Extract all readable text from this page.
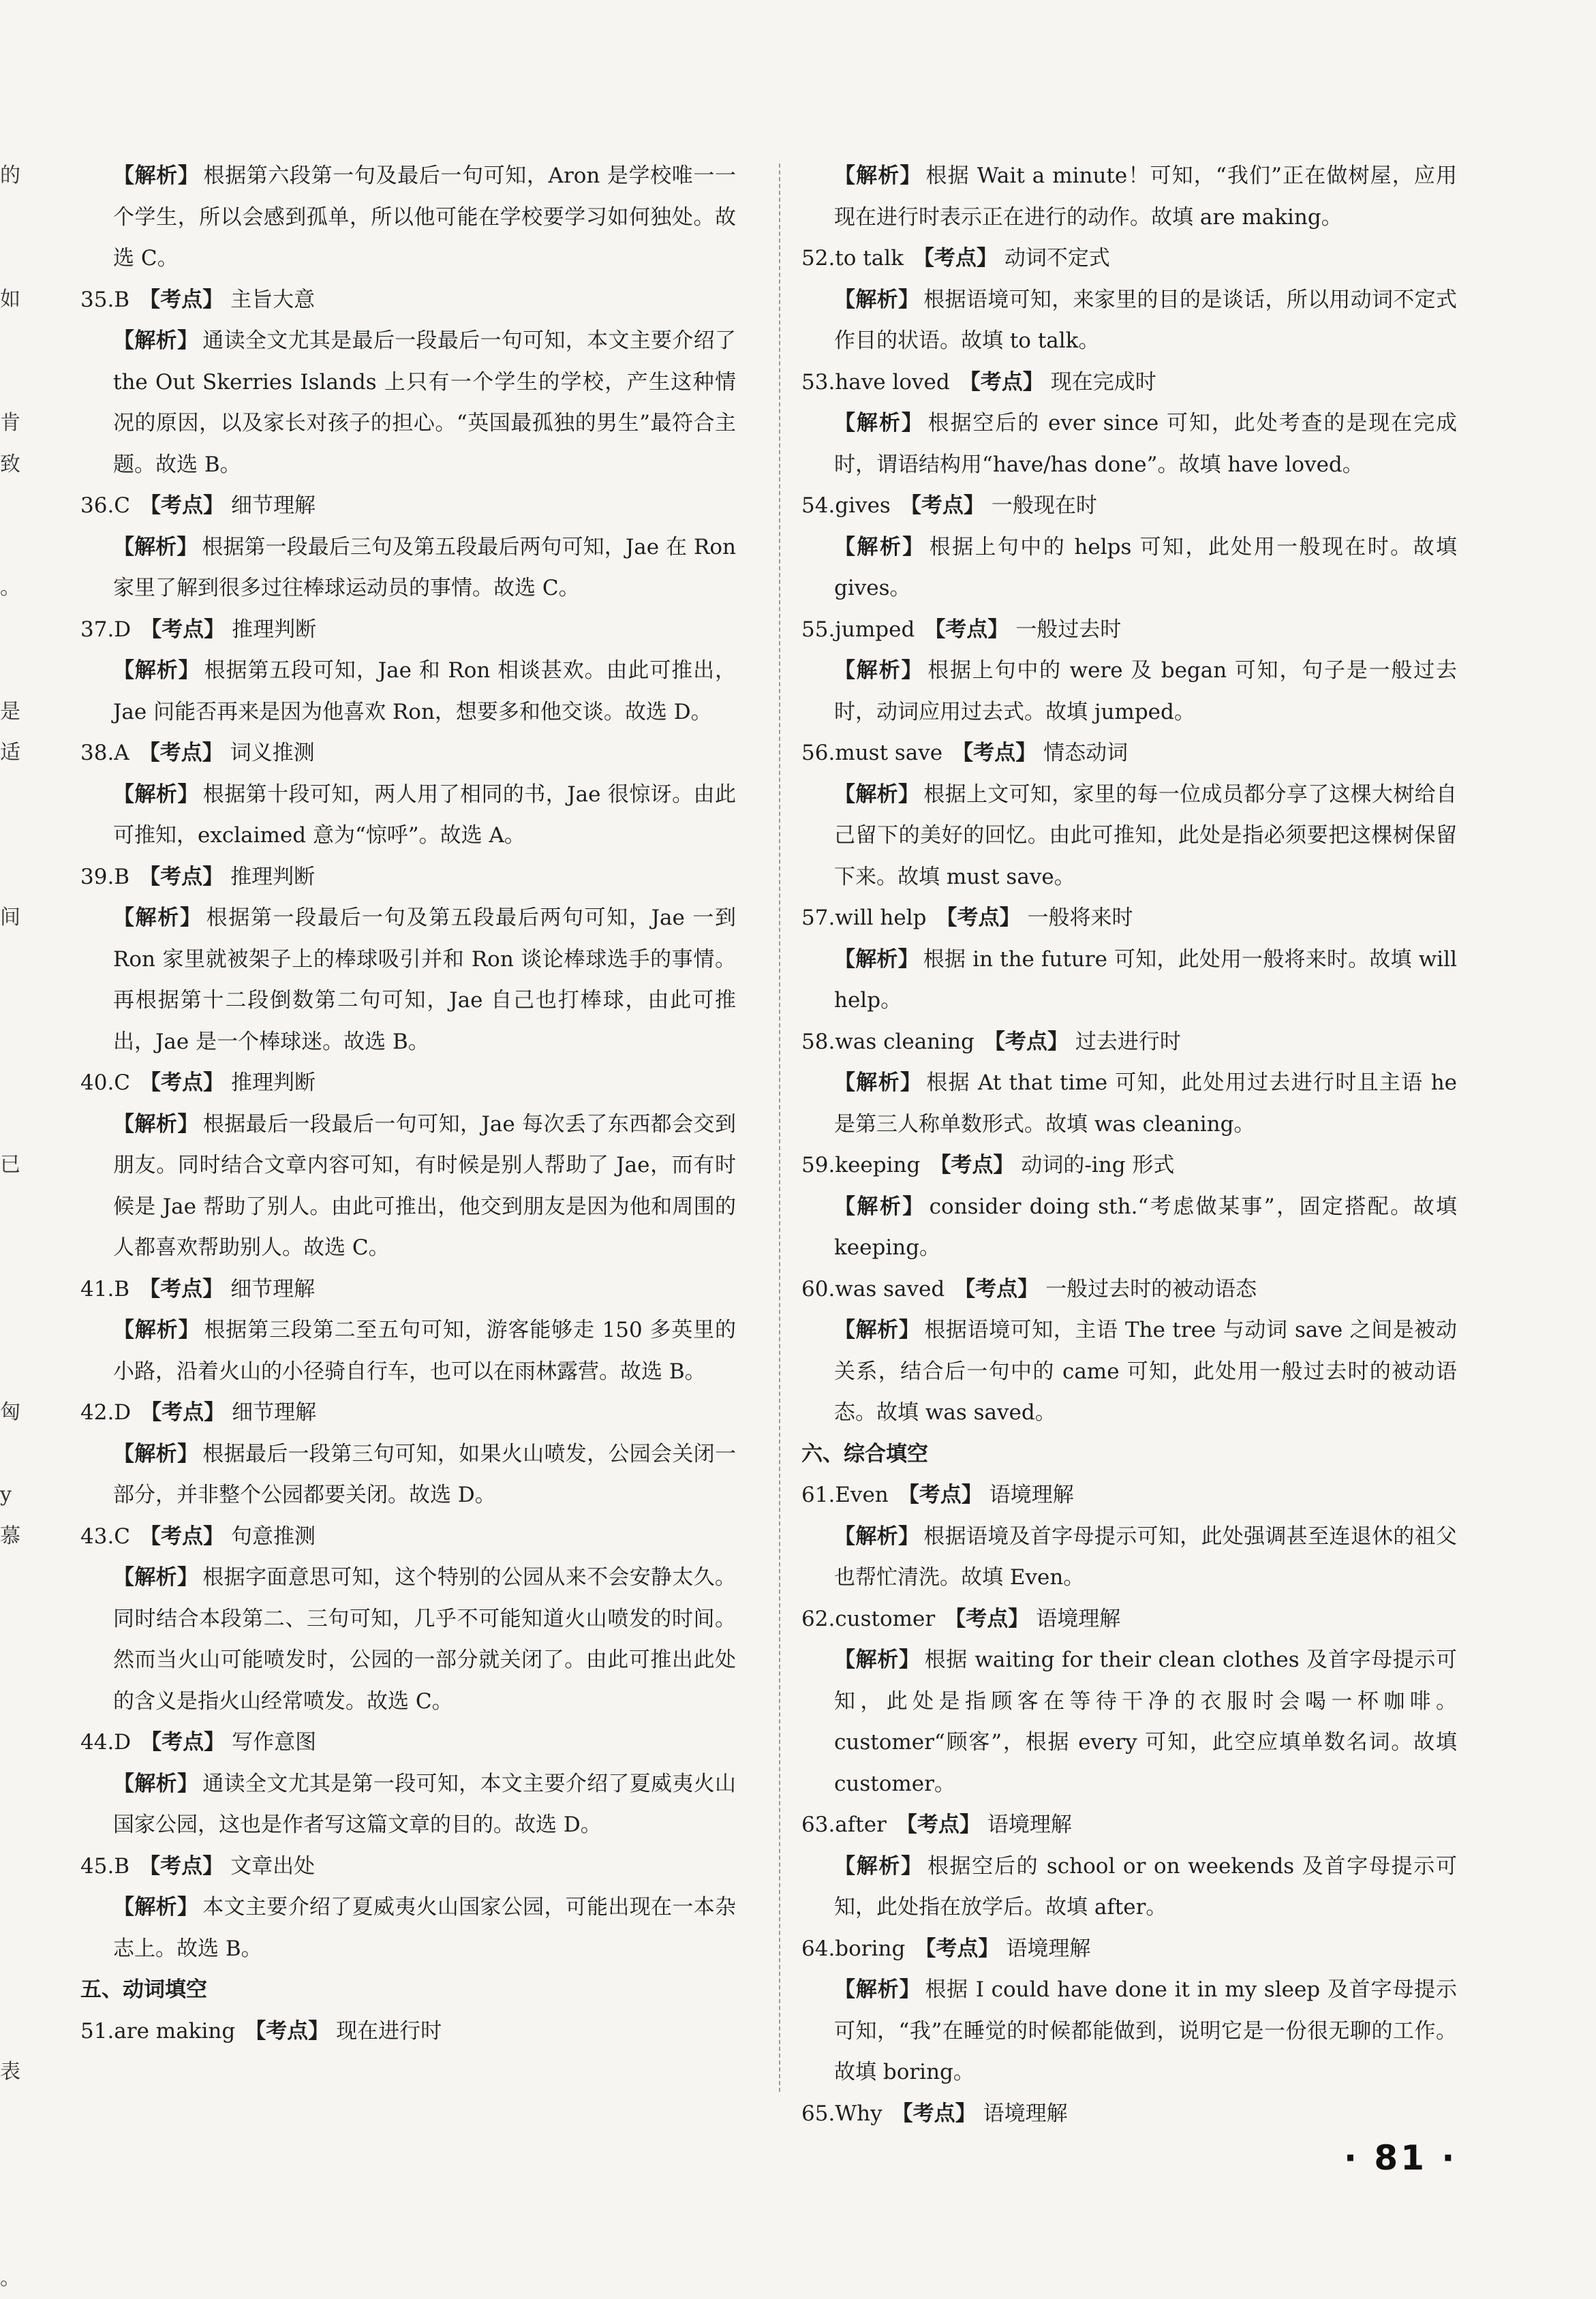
的
如
肯
致
。
是
适
间
已
匈
y
慕
表
。
【解析】 根据第六段第一句及最后一句可知，Aron 是学校唯一一个学生，所以会感到孤单，所以他可能在学校要学习如何独处。故选 C。
35.B 【考点】 主旨大意
【解析】 通读全文尤其是最后一段最后一句可知，本文主要介绍了 the Out Skerries Islands 上只有一个学生的学校，产生这种情况的原因，以及家长对孩子的担心。“英国最孤独的男生”最符合主题。故选 B。
36.C 【考点】 细节理解
【解析】 根据第一段最后三句及第五段最后两句可知，Jae 在 Ron 家里了解到很多过往棒球运动员的事情。故选 C。
37.D 【考点】 推理判断
【解析】 根据第五段可知，Jae 和 Ron 相谈甚欢。由此可推出，Jae 问能否再来是因为他喜欢 Ron，想要多和他交谈。故选 D。
38.A 【考点】 词义推测
【解析】 根据第十段可知，两人用了相同的书，Jae 很惊讶。由此可推知，exclaimed 意为“惊呼”。故选 A。
39.B 【考点】 推理判断
【解析】 根据第一段最后一句及第五段最后两句可知，Jae 一到 Ron 家里就被架子上的棒球吸引并和 Ron 谈论棒球选手的事情。再根据第十二段倒数第二句可知，Jae 自己也打棒球，由此可推出，Jae 是一个棒球迷。故选 B。
40.C 【考点】 推理判断
【解析】 根据最后一段最后一句可知，Jae 每次丢了东西都会交到朋友。同时结合文章内容可知，有时候是别人帮助了 Jae，而有时候是 Jae 帮助了别人。由此可推出，他交到朋友是因为他和周围的人都喜欢帮助别人。故选 C。
41.B 【考点】 细节理解
【解析】 根据第三段第二至五句可知，游客能够走 150 多英里的小路，沿着火山的小径骑自行车，也可以在雨林露营。故选 B。
42.D 【考点】 细节理解
【解析】 根据最后一段第三句可知，如果火山喷发，公园会关闭一部分，并非整个公园都要关闭。故选 D。
43.C 【考点】 句意推测
【解析】 根据字面意思可知，这个特别的公园从来不会安静太久。同时结合本段第二、三句可知，几乎不可能知道火山喷发的时间。然而当火山可能喷发时，公园的一部分就关闭了。由此可推出此处的含义是指火山经常喷发。故选 C。
44.D 【考点】 写作意图
【解析】 通读全文尤其是第一段可知，本文主要介绍了夏威夷火山国家公园，这也是作者写这篇文章的目的。故选 D。
45.B 【考点】 文章出处
【解析】 本文主要介绍了夏威夷火山国家公园，可能出现在一本杂志上。故选 B。
五、动词填空
51.are making 【考点】 现在进行时
【解析】 根据 Wait a minute！可知，“我们”正在做树屋，应用现在进行时表示正在进行的动作。故填 are making。
52.to talk 【考点】 动词不定式
【解析】 根据语境可知，来家里的目的是谈话，所以用动词不定式作目的状语。故填 to talk。
53.have loved 【考点】 现在完成时
【解析】 根据空后的 ever since 可知，此处考查的是现在完成时，谓语结构用“have/has done”。故填 have loved。
54.gives 【考点】 一般现在时
【解析】 根据上句中的 helps 可知，此处用一般现在时。故填 gives。
55.jumped 【考点】 一般过去时
【解析】 根据上句中的 were 及 began 可知，句子是一般过去时，动词应用过去式。故填 jumped。
56.must save 【考点】 情态动词
【解析】 根据上文可知，家里的每一位成员都分享了这棵大树给自己留下的美好的回忆。由此可推知，此处是指必须要把这棵树保留下来。故填 must save。
57.will help 【考点】 一般将来时
【解析】 根据 in the future 可知，此处用一般将来时。故填 will help。
58.was cleaning 【考点】 过去进行时
【解析】 根据 At that time 可知，此处用过去进行时且主语 he 是第三人称单数形式。故填 was cleaning。
59.keeping 【考点】 动词的-ing 形式
【解析】 consider doing sth.“考虑做某事”，固定搭配。故填 keeping。
60.was saved 【考点】 一般过去时的被动语态
【解析】 根据语境可知，主语 The tree 与动词 save 之间是被动关系，结合后一句中的 came 可知，此处用一般过去时的被动语态。故填 was saved。
六、综合填空
61.Even 【考点】 语境理解
【解析】 根据语境及首字母提示可知，此处强调甚至连退休的祖父也帮忙清洗。故填 Even。
62.customer 【考点】 语境理解
【解析】 根据 waiting for their clean clothes 及首字母提示可知，此处是指顾客在等待干净的衣服时会喝一杯咖啡。customer“顾客”，根据 every 可知，此空应填单数名词。故填 customer。
63.after 【考点】 语境理解
【解析】 根据空后的 school or on weekends 及首字母提示可知，此处指在放学后。故填 after。
64.boring 【考点】 语境理解
【解析】 根据 I could have done it in my sleep 及首字母提示可知，“我”在睡觉的时候都能做到，说明它是一份很无聊的工作。故填 boring。
65.Why 【考点】 语境理解
· 81 ·
